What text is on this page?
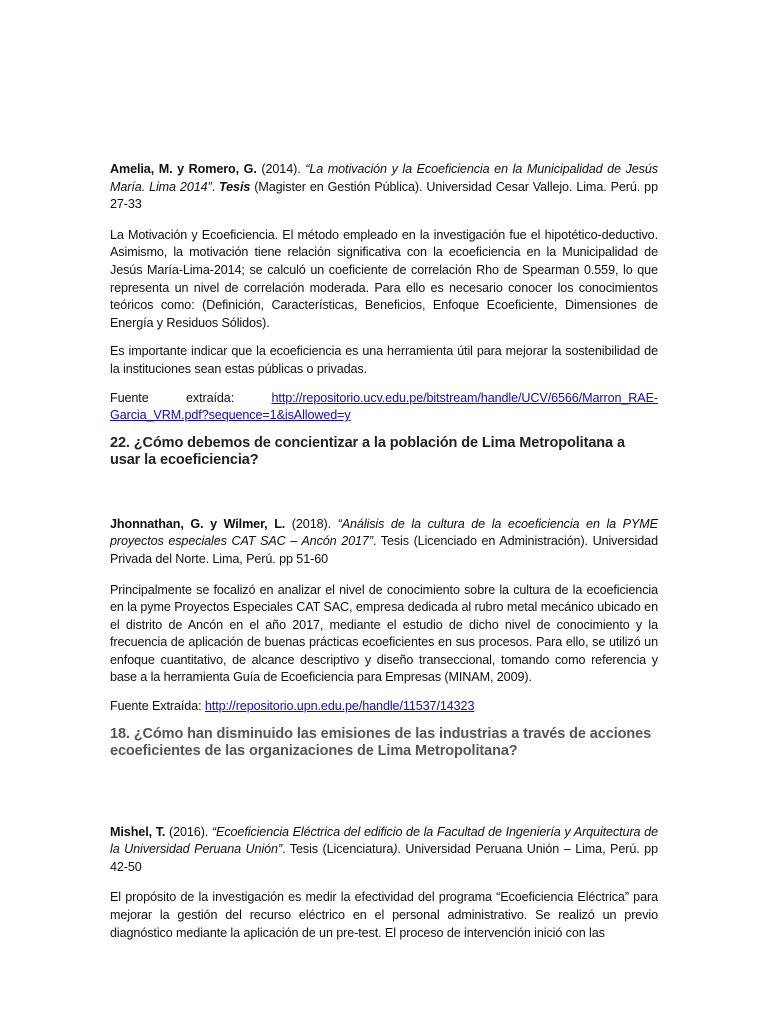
Amelia, M. y Romero, G. (2014). “La motivación y la Ecoeficiencia en la Municipalidad de Jesús María. Lima 2014”. Tesis (Magister en Gestión Pública). Universidad Cesar Vallejo. Lima. Perú. pp 27-33

La Motivación y Ecoeficiencia. El método empleado en la investigación fue el hipotético-deductivo. Asimismo, la motivación tiene relación significativa con la ecoeficiencia en la Municipalidad de Jesús María-Lima-2014; se calculó un coeficiente de correlación Rho de Spearman 0.559, lo que representa un nivel de correlación moderada. Para ello es necesario conocer los conocimientos teóricos como: (Definición, Características, Beneficios, Enfoque Ecoeficiente, Dimensiones de Energía y Residuos Sólidos).

Es importante indicar que la ecoeficiencia es una herramienta útil para mejorar la sostenibilidad de la instituciones sean estas públicas o privadas.

Fuente extraída: http://repositorio.ucv.edu.pe/bitstream/handle/UCV/6566/Marron_RAE-Garcia_VRM.pdf?sequence=1&isAllowed=y

22. ¿Cómo debemos de concientizar a la población de Lima Metropolitana a usar la ecoeficiencia?

Jhonnathan, G. y Wilmer, L. (2018). “Análisis de la cultura de la ecoeficiencia en la PYME proyectos especiales CAT SAC – Ancón 2017”. Tesis (Licenciado en Administración). Universidad Privada del Norte. Lima, Perú. pp 51-60

Principalmente se focalizó en analizar el nivel de conocimiento sobre la cultura de la ecoeficiencia en la pyme Proyectos Especiales CAT SAC, empresa dedicada al rubro metal mecánico ubicado en el distrito de Ancón en el año 2017, mediante el estudio de dicho nivel de conocimiento y la frecuencia de aplicación de buenas prácticas ecoeficientes en sus procesos. Para ello, se utilizó un enfoque cuantitativo, de alcance descriptivo y diseño transeccional, tomando como referencia y base a la herramienta Guía de Ecoeficiencia para Empresas (MINAM, 2009).

Fuente Extraída: http://repositorio.upn.edu.pe/handle/11537/14323

18. ¿Cómo han disminuido las emisiones de las industrias a través de acciones ecoeficientes de las organizaciones de Lima Metropolitana?

Mishel, T. (2016). “Ecoeficiencia Eléctrica del edificio de la Facultad de Ingeniería y Arquitectura de la Universidad Peruana Unión”. Tesis (Licenciatura). Universidad Peruana Unión – Lima, Perú. pp 42-50

El propósito de la investigación es medir la efectividad del programa “Ecoeficiencia Eléctrica” para mejorar la gestión del recurso eléctrico en el personal administrativo. Se realizó un previo diagnóstico mediante la aplicación de un pre-test. El proceso de intervención inició con las
